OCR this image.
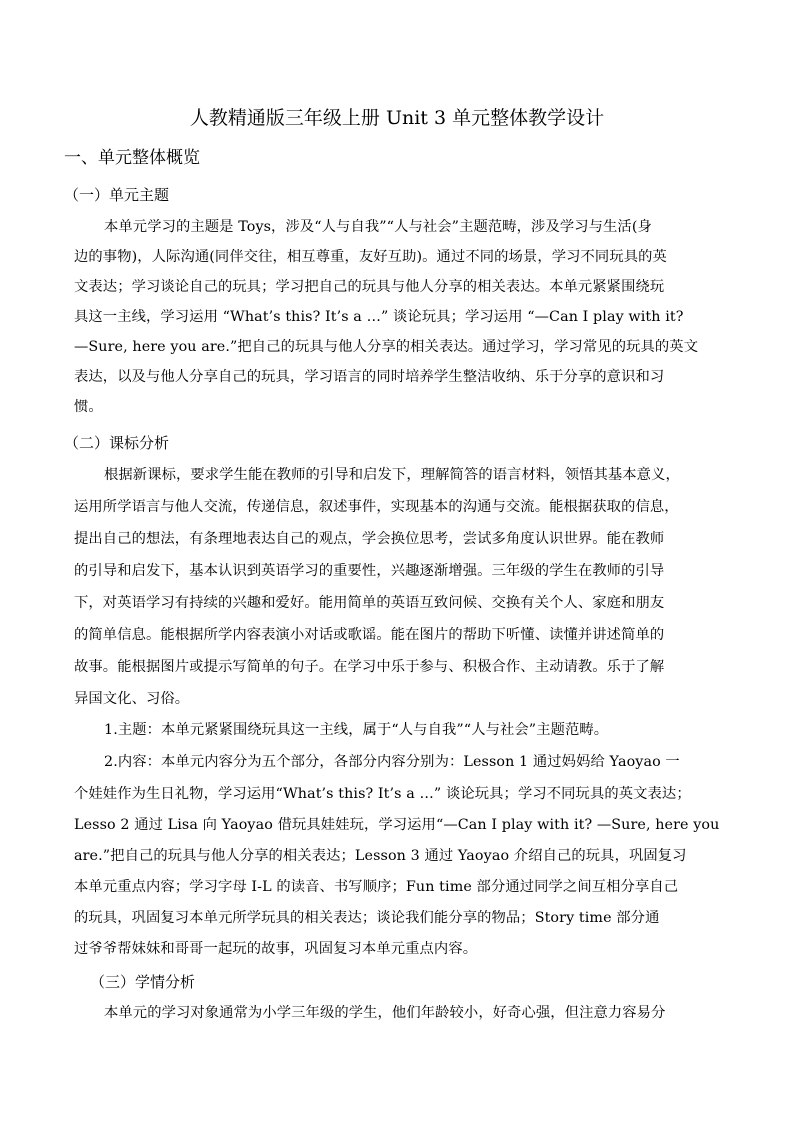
人教精通版三年级上册 Unit 3 单元整体教学设计
一、单元整体概览
（一）单元主题
本单元学习的主题是 Toys，涉及“人与自我”“人与社会”主题范畴，涉及学习与生活(身
边的事物)，人际沟通(同伴交往，相互尊重，友好互助)。通过不同的场景，学习不同玩具的英
文表达；学习谈论自己的玩具；学习把自己的玩具与他人分享的相关表达。本单元紧紧围绕玩
具这一主线，学习运用 “What’s this? It’s a …” 谈论玩具；学习运用 “—Can I play with it?
—Sure, here you are.”把自己的玩具与他人分享的相关表达。通过学习，学习常见的玩具的英文
表达，以及与他人分享自己的玩具，学习语言的同时培养学生整洁收纳、乐于分享的意识和习
惯。
（二）课标分析
根据新课标，要求学生能在教师的引导和启发下，理解简答的语言材料，领悟其基本意义，
运用所学语言与他人交流，传递信息，叙述事件，实现基本的沟通与交流。能根据获取的信息，
提出自己的想法，有条理地表达自己的观点，学会换位思考，尝试多角度认识世界。能在教师
的引导和启发下，基本认识到英语学习的重要性，兴趣逐渐增强。三年级的学生在教师的引导
下，对英语学习有持续的兴趣和爱好。能用简单的英语互致问候、交换有关个人、家庭和朋友
的简单信息。能根据所学内容表演小对话或歌谣。能在图片的帮助下听懂、读懂并讲述简单的
故事。能根据图片或提示写简单的句子。在学习中乐于参与、积极合作、主动请教。乐于了解
异国文化、习俗。
1.主题：本单元紧紧围绕玩具这一主线，属于“人与自我”“人与社会”主题范畴。
2.内容：本单元内容分为五个部分，各部分内容分别为：Lesson 1 通过妈妈给 Yaoyao 一
个娃娃作为生日礼物，学习运用“What’s this? It’s a …” 谈论玩具；学习不同玩具的英文表达；
Lesso 2 通过 Lisa 向 Yaoyao 借玩具娃娃玩，学习运用“—Can I play with it? —Sure, here you
are.”把自己的玩具与他人分享的相关表达；Lesson 3 通过 Yaoyao 介绍自己的玩具，巩固复习
本单元重点内容；学习字母 I-L 的读音、书写顺序；Fun time 部分通过同学之间互相分享自己
的玩具，巩固复习本单元所学玩具的相关表达；谈论我们能分享的物品；Story time 部分通
过爷爷帮妹妹和哥哥一起玩的故事，巩固复习本单元重点内容。
（三）学情分析
本单元的学习对象通常为小学三年级的学生，他们年龄较小，好奇心强，但注意力容易分
